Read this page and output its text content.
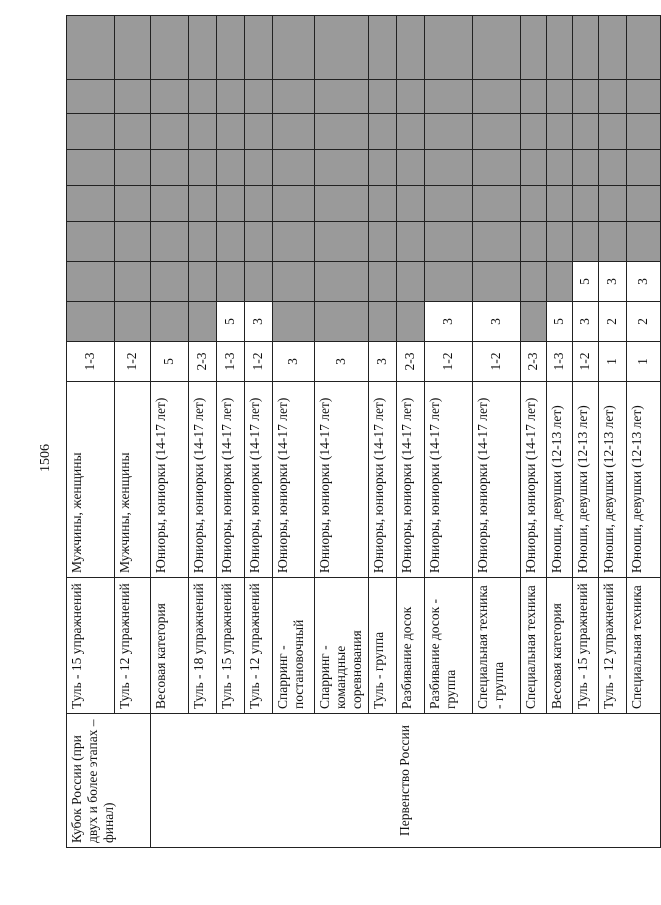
1506
Кубок России (при двух и более этапах – финал)	Туль - 15 упражнений	Мужчины, женщины	1-3								
	Туль - 12 упражнений	Мужчины, женщины	1-2								
Первенство России	Весовая категория	Юниоры, юниорки (14-17 лет)	5								
	Туль - 18 упражнений	Юниоры, юниорки (14-17 лет)	2-3								
	Туль - 15 упражнений	Юниоры, юниорки (14-17 лет)	1-3	5							
	Туль - 12 упражнений	Юниоры, юниорки (14-17 лет)	1-2	3							
	Спарринг - постановочный	Юниоры, юниорки (14-17 лет)	3								
	Спарринг - командные соревнования	Юниоры, юниорки (14-17 лет)	3								
	Туль - группа	Юниоры, юниорки (14-17 лет)	3								
	Разбивание досок	Юниоры, юниорки (14-17 лет)	2-3								
	Разбивание досок - группа	Юниоры, юниорки (14-17 лет)	1-2	3							
	Специальная техника - группа	Юниоры, юниорки (14-17 лет)	1-2	3							
	Специальная техника	Юниоры, юниорки (14-17 лет)	2-3								
	Весовая категория	Юноши, девушки (12-13 лет)	1-3	5							
	Туль - 15 упражнений	Юноши, девушки (12-13 лет)	1-2	3	5						
	Туль - 12 упражнений	Юноши, девушки (12-13 лет)	1	2	3						
	Специальная техника	Юноши, девушки (12-13 лет)	1	2	3						
